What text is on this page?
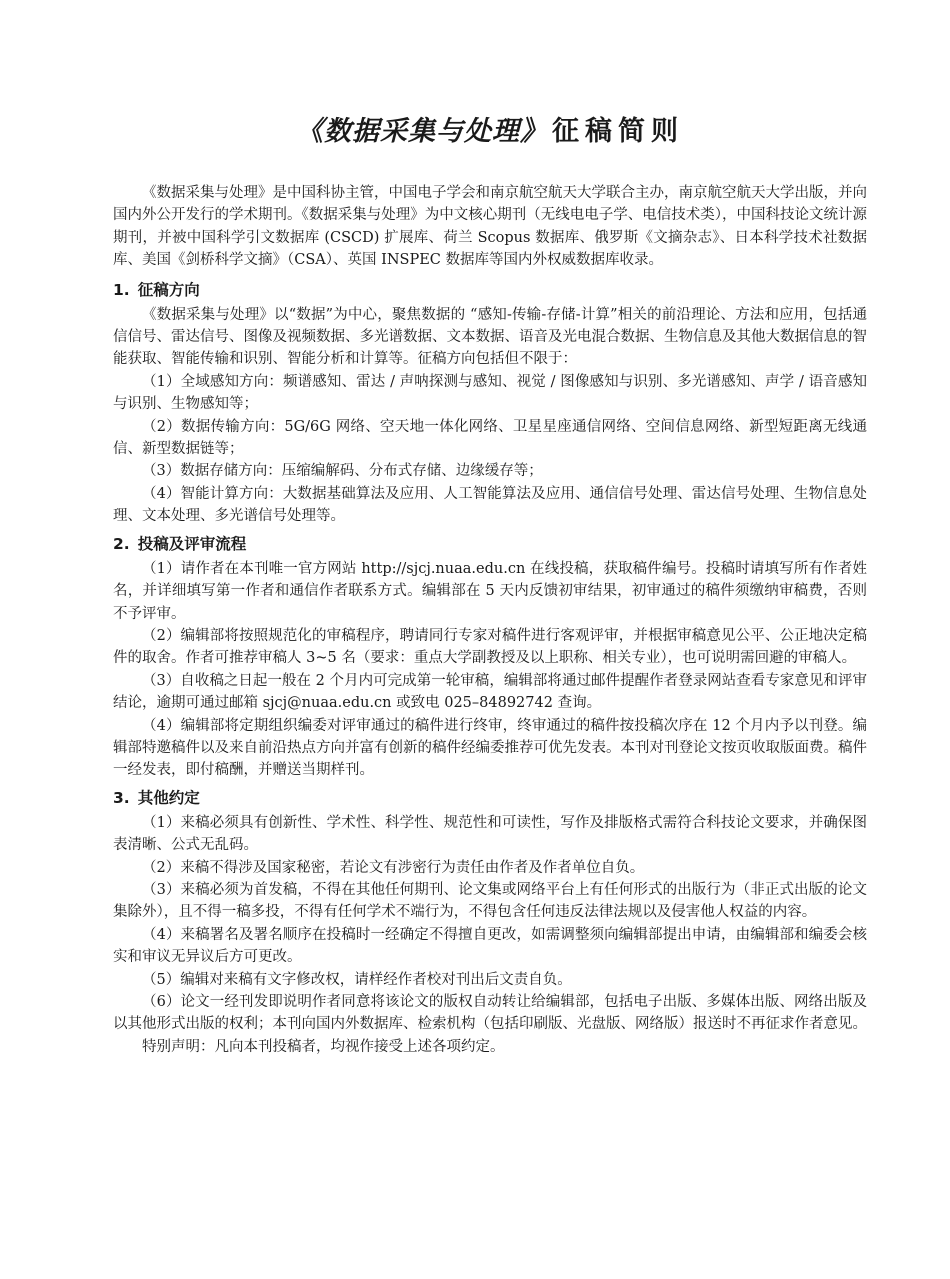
《数据采集与处理》 征稿简则

《数据采集与处理》是中国科协主管，中国电子学会和南京航空航天大学联合主办，南京航空航天大学出版，并向国内外公开发行的学术期刊。《数据采集与处理》为中文核心期刊（无线电电子学、电信技术类），中国科技论文统计源期刊，并被中国科学引文数据库 (CSCD) 扩展库、荷兰 Scopus 数据库、俄罗斯《文摘杂志》、日本科学技术社数据库、美国《剑桥科学文摘》（CSA）、英国 INSPEC 数据库等国内外权威数据库收录。

1. 征稿方向

《数据采集与处理》以“数据”为中心，聚焦数据的 “感知-传输-存储-计算”相关的前沿理论、方法和应用，包括通信信号、雷达信号、图像及视频数据、多光谱数据、文本数据、语音及光电混合数据、生物信息及其他大数据信息的智能获取、智能传输和识别、智能分析和计算等。征稿方向包括但不限于：

（1）全域感知方向：频谱感知、雷达 / 声呐探测与感知、视觉 / 图像感知与识别、多光谱感知、声学 / 语音感知与识别、生物感知等；

（2）数据传输方向：5G/6G 网络、空天地一体化网络、卫星星座通信网络、空间信息网络、新型短距离无线通信、新型数据链等；

（3）数据存储方向：压缩编解码、分布式存储、边缘缓存等；

（4）智能计算方向：大数据基础算法及应用、人工智能算法及应用、通信信号处理、雷达信号处理、生物信息处理、文本处理、多光谱信号处理等。

2. 投稿及评审流程

（1）请作者在本刊唯一官方网站 http://sjcj.nuaa.edu.cn 在线投稿，获取稿件编号。投稿时请填写所有作者姓名，并详细填写第一作者和通信作者联系方式。编辑部在 5 天内反馈初审结果，初审通过的稿件须缴纳审稿费，否则不予评审。

（2）编辑部将按照规范化的审稿程序，聘请同行专家对稿件进行客观评审，并根据审稿意见公平、公正地决定稿件的取舍。作者可推荐审稿人 3~5 名（要求：重点大学副教授及以上职称、相关专业），也可说明需回避的审稿人。

（3）自收稿之日起一般在 2 个月内可完成第一轮审稿，编辑部将通过邮件提醒作者登录网站查看专家意见和评审结论，逾期可通过邮箱 sjcj@nuaa.edu.cn 或致电 025–84892742 查询。

（4）编辑部将定期组织编委对评审通过的稿件进行终审，终审通过的稿件按投稿次序在 12 个月内予以刊登。编辑部特邀稿件以及来自前沿热点方向并富有创新的稿件经编委推荐可优先发表。本刊对刊登论文按页收取版面费。稿件一经发表，即付稿酬，并赠送当期样刊。

3. 其他约定

（1）来稿必须具有创新性、学术性、科学性、规范性和可读性，写作及排版格式需符合科技论文要求，并确保图表清晰、公式无乱码。

（2）来稿不得涉及国家秘密，若论文有涉密行为责任由作者及作者单位自负。

（3）来稿必须为首发稿，不得在其他任何期刊、论文集或网络平台上有任何形式的出版行为（非正式出版的论文集除外），且不得一稿多投，不得有任何学术不端行为，不得包含任何违反法律法规以及侵害他人权益的内容。

（4）来稿署名及署名顺序在投稿时一经确定不得擅自更改，如需调整须向编辑部提出申请，由编辑部和编委会核实和审议无异议后方可更改。

（5）编辑对来稿有文字修改权，请样经作者校对刊出后文责自负。

（6）论文一经刊发即说明作者同意将该论文的版权自动转让给编辑部，包括电子出版、多媒体出版、网络出版及以其他形式出版的权利；本刊向国内外数据库、检索机构（包括印刷版、光盘版、网络版）报送时不再征求作者意见。

特别声明：凡向本刊投稿者，均视作接受上述各项约定。
